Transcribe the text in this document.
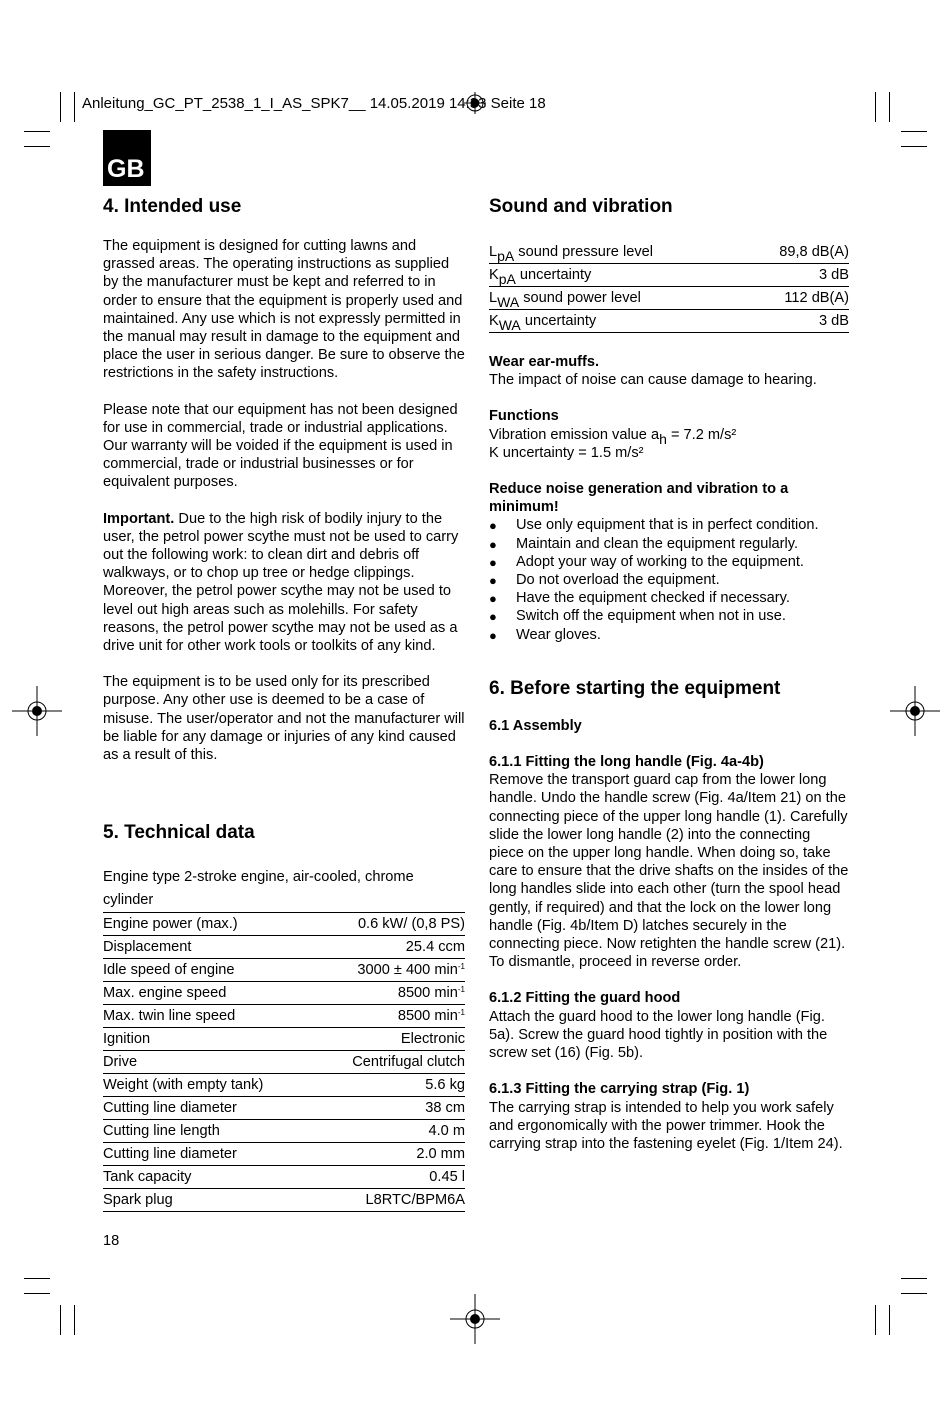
Anleitung_GC_PT_2538_1_I_AS_SPK7__ 14.05.2019 14:33 Seite 18
GB
4. Intended use

The equipment is designed for cutting lawns and grassed areas. The operating instructions as supplied by the manufacturer must be kept and referred to in order to ensure that the equipment is properly used and maintained. Any use which is not expressly permitted in the manual may result in damage to the equipment and place the user in serious danger. Be sure to observe the restrictions in the safety instructions.

Please note that our equipment has not been designed for use in commercial, trade or industrial applications. Our warranty will be voided if the equipment is used in commercial, trade or industrial businesses or for equivalent purposes.

Important. Due to the high risk of bodily injury to the user, the petrol power scythe must not be used to carry out the following work: to clean dirt and debris off walkways, or to chop up tree or hedge clippings. Moreover, the petrol power scythe may not be used to level out high areas such as molehills. For safety reasons, the petrol power scythe may not be used as a drive unit for other work tools or toolkits of any kind.

The equipment is to be used only for its prescribed purpose. Any other use is deemed to be a case of misuse. The user/operator and not the manufacturer will be liable for any damage or injuries of any kind caused as a result of this.

5. Technical data

Engine type 2-stroke engine, air-cooled, chrome cylinder

Engine power (max.)	0.6 kW/ (0,8 PS)
Displacement	25.4 ccm
Idle speed of engine	3000 ± 400 $\min^{-1}$
Max. engine speed	8500 $\min^{-1}$
Max. twin line speed	8500 $\min^{-1}$
Ignition	Electronic
Drive	Centrifugal clutch
Weight (with empty tank)	5.6 kg
Cutting line diameter	38 cm
Cutting line length	4.0 m
Cutting line diameter	2.0 mm
Tank capacity	0.45 l
Spark plug	L8RTC/BPM6A
18
Sound and vibration
$L_{pA}$ sound pressure level	89,8 dB(A)
$K_{pA}$ uncertainty	3 dB
$L_{WA}$ sound power level	112 dB(A)
$K_{WA}$ uncertainty	3 dB

Wear ear-muffs.

The impact of noise can cause damage to hearing.

Functions

Vibration emission value $a_h = 7.2$ m/s²

K uncertainty = 1.5 m/s²

Reduce noise generation and vibration to a minimum!

● Use only equipment that is in perfect condition.
● Maintain and clean the equipment regularly.
● Adopt your way of working to the equipment.
● Do not overload the equipment.
● Have the equipment checked if necessary.
● Switch off the equipment when not in use.
● Wear gloves.
6. Before starting the equipment

6.1 Assembly

6.1.1 Fitting the long handle (Fig. 4a-4b)

Remove the transport guard cap from the lower long handle. Undo the handle screw (Fig. 4a/Item 21) on the connecting piece of the upper long handle (1). Carefully slide the lower long handle (2) into the connecting piece on the upper long handle. When doing so, take care to ensure that the drive shafts on the insides of the long handles slide into each other (turn the spool head gently, if required) and that the lock on the lower long handle (Fig. 4b/Item D) latches securely in the connecting piece. Now retighten the handle screw (21). To dismantle, proceed in reverse order.

6.1.2 Fitting the guard hood

Attach the guard hood to the lower long handle (Fig. 5a). Screw the guard hood tightly in position with the screw set (16) (Fig. 5b).

6.1.3 Fitting the carrying strap (Fig. 1)

The carrying strap is intended to help you work safely and ergonomically with the power trimmer. Hook the carrying strap into the fastening eyelet (Fig. 1/Item 24).
